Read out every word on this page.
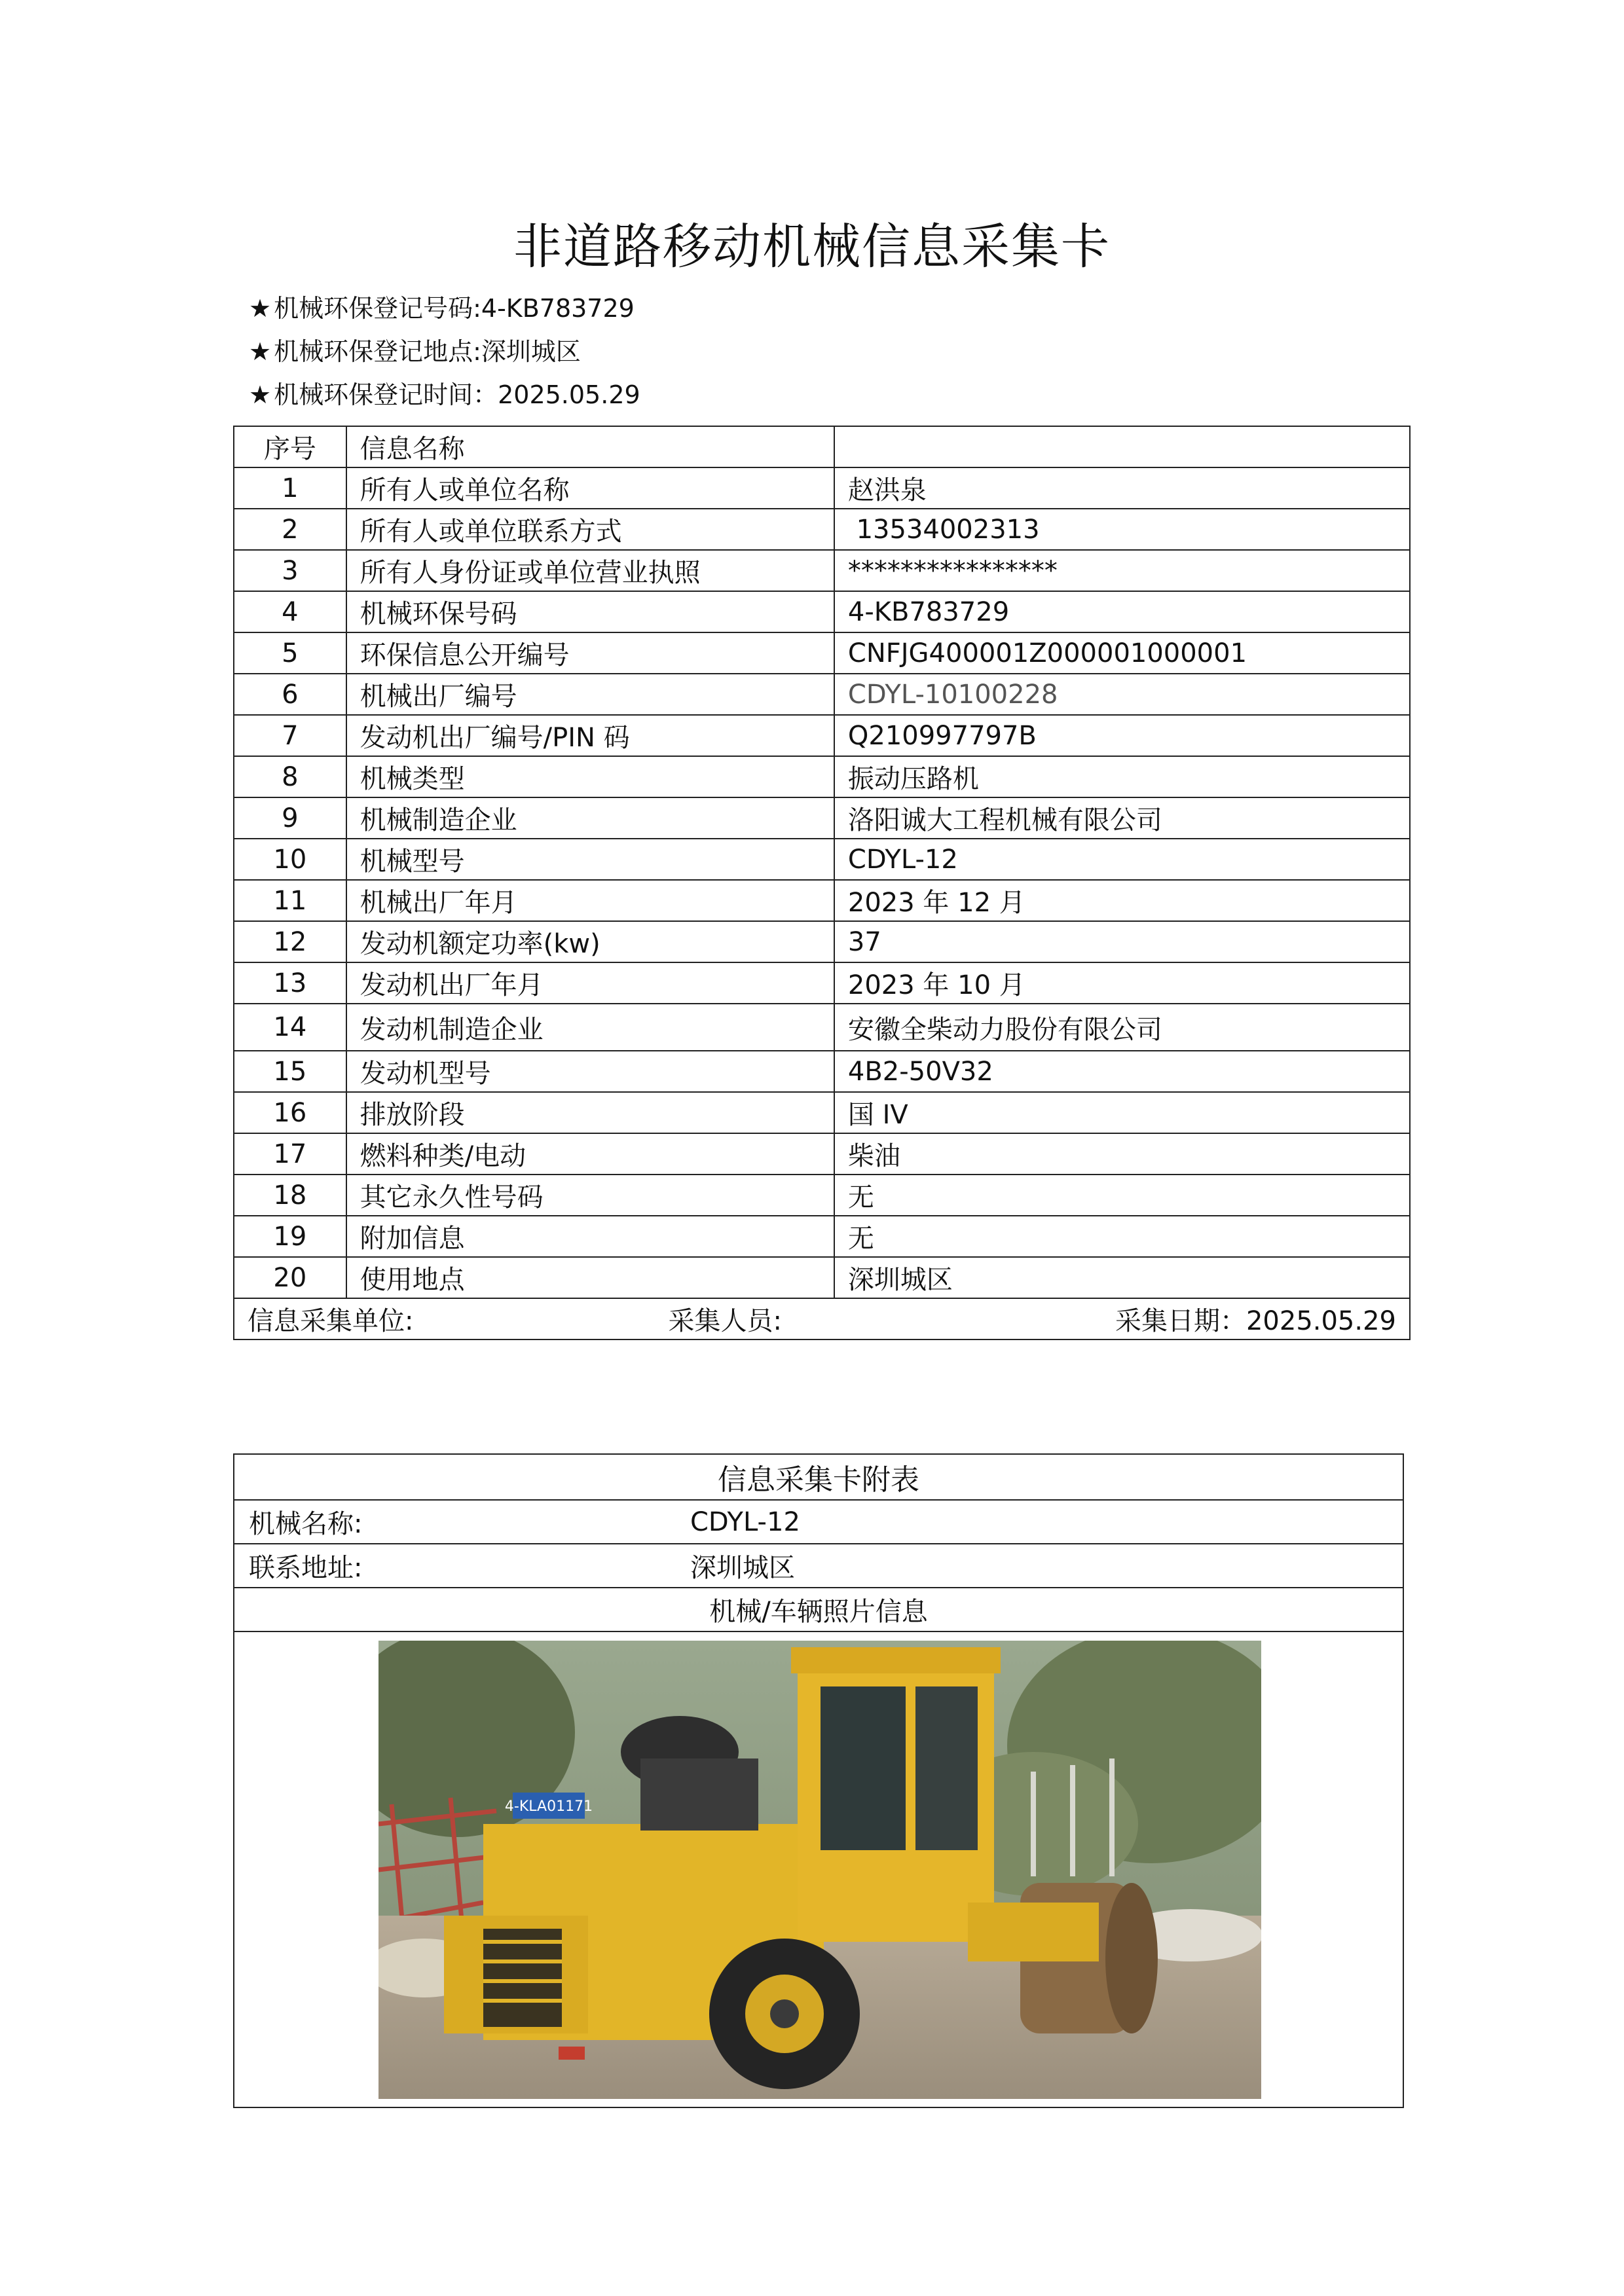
非道路移动机械信息采集卡
★ 机械环保登记号码:4-KB783729
★ 机械环保登记地点:深圳城区
★ 机械环保登记时间：2025.05.29
序号	信息名称	
1	所有人或单位名称	赵洪泉
2	所有人或单位联系方式	13534002313
3	所有人身份证或单位营业执照	****************
4	机械环保号码	4-KB783729
5	环保信息公开编号	CNFJG400001Z000001000001
6	机械出厂编号	CDYL-10100228
7	发动机出厂编号/PIN 码	Q210997797B
8	机械类型	振动压路机
9	机械制造企业	洛阳诚大工程机械有限公司
10	机械型号	CDYL-12
11	机械出厂年月	2023 年 12 月
12	发动机额定功率(kw)	37
13	发动机出厂年月	2023 年 10 月
14	发动机制造企业	安徽全柴动力股份有限公司
15	发动机型号	4B2-50V32
16	排放阶段	国 IV
17	燃料种类/电动	柴油
18	其它永久性号码	无
19	附加信息	无
20	使用地点	深圳城区

信息采集单位: 采集人员: 采集日期：2025.05.29		
信息采集卡附表
机械名称:	CDYL-12
联系地址:	深圳城区
机械/车辆照片信息
4-KLA01171
